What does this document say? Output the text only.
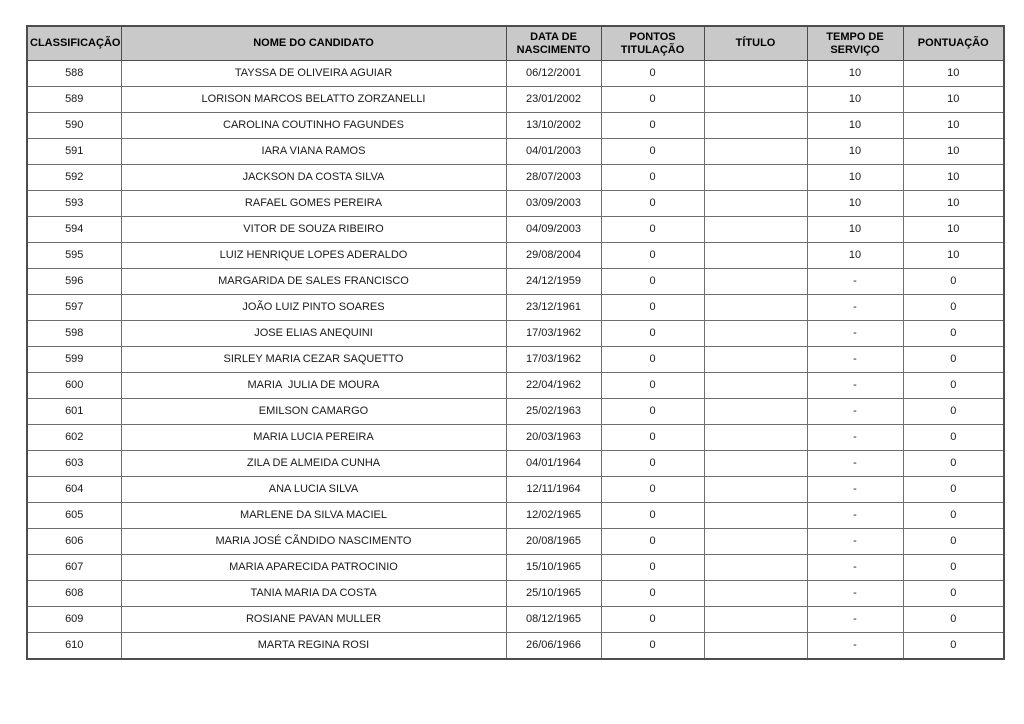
CLASSIFICAÇÃO	NOME DO CANDIDATO	DATA DE NASCIMENTO	PONTOS TITULAÇÃO	TÍTULO	TEMPO DE SERVIÇO	PONTUAÇÃO
588	TAYSSA DE OLIVEIRA AGUIAR	06/12/2001	0		10	10
589	LORISON MARCOS BELATTO ZORZANELLI	23/01/2002	0		10	10
590	CAROLINA COUTINHO FAGUNDES	13/10/2002	0		10	10
591	IARA VIANA RAMOS	04/01/2003	0		10	10
592	JACKSON DA COSTA SILVA	28/07/2003	0		10	10
593	RAFAEL GOMES PEREIRA	03/09/2003	0		10	10
594	VITOR DE SOUZA RIBEIRO	04/09/2003	0		10	10
595	LUIZ HENRIQUE LOPES ADERALDO	29/08/2004	0		10	10
596	MARGARIDA DE SALES FRANCISCO	24/12/1959	0		-	0
597	JOÃO LUIZ PINTO SOARES	23/12/1961	0		-	0
598	JOSE ELIAS ANEQUINI	17/03/1962	0		-	0
599	SIRLEY MARIA CEZAR SAQUETTO	17/03/1962	0		-	0
600	MARIA  JULIA DE MOURA	22/04/1962	0		-	0
601	EMILSON CAMARGO	25/02/1963	0		-	0
602	MARIA LUCIA PEREIRA	20/03/1963	0		-	0
603	ZILA DE ALMEIDA CUNHA	04/01/1964	0		-	0
604	ANA LUCIA SILVA	12/11/1964	0		-	0
605	MARLENE DA SILVA MACIEL	12/02/1965	0		-	0
606	MARIA JOSÉ CÃNDIDO NASCIMENTO	20/08/1965	0		-	0
607	MARIA APARECIDA PATROCINIO	15/10/1965	0		-	0
608	TANIA MARIA DA COSTA	25/10/1965	0		-	0
609	ROSIANE PAVAN MULLER	08/12/1965	0		-	0
610	MARTA REGINA ROSI	26/06/1966	0		-	0
